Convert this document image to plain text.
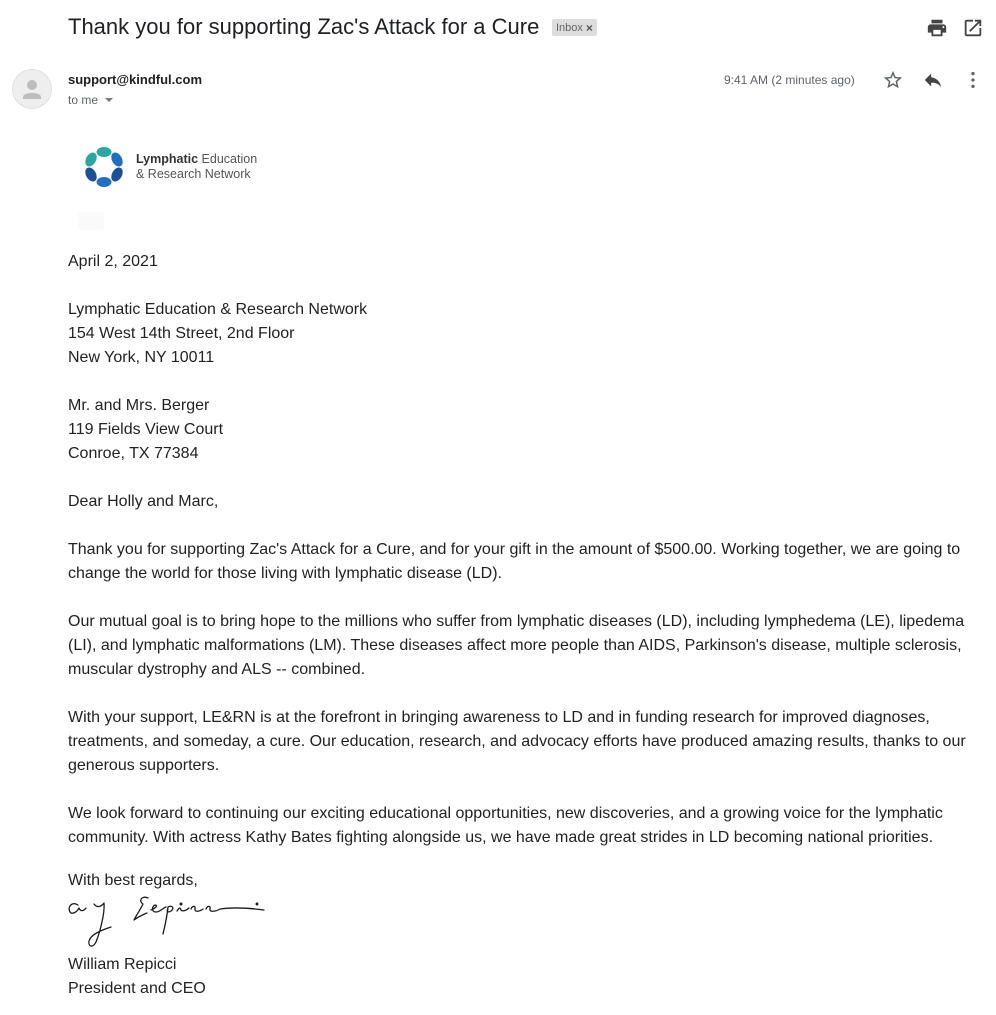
Thank you for supporting Zac's Attack for a Cure Inbox ×
support@kindful.com
to me
9:41 AM (2 minutes ago)
Lymphatic Education
& Research Network

April 2, 2021

Lymphatic Education & Research Network

154 West 14th Street, 2nd Floor

New York, NY 10011

Mr. and Mrs. Berger

119 Fields View Court

Conroe, TX 77384

Dear Holly and Marc,

Thank you for supporting Zac's Attack for a Cure, and for your gift in the amount of $500.00. Working together, we are going to change the world for those living with lymphatic disease (LD).

Our mutual goal is to bring hope to the millions who suffer from lymphatic diseases (LD), including lymphedema (LE), lipedema (LI), and lymphatic malformations (LM). These diseases affect more people than AIDS, Parkinson's disease, multiple sclerosis, muscular dystrophy and ALS -- combined.

With your support, LE&RN is at the forefront in bringing awareness to LD and in funding research for improved diagnoses, treatments, and someday, a cure. Our education, research, and advocacy efforts have produced amazing results, thanks to our generous supporters.

We look forward to continuing our exciting educational opportunities, new discoveries, and a growing voice for the lymphatic community. With actress Kathy Bates fighting alongside us, we have made great strides in LD becoming national priorities.

With best regards,

William Repicci
President and CEO
